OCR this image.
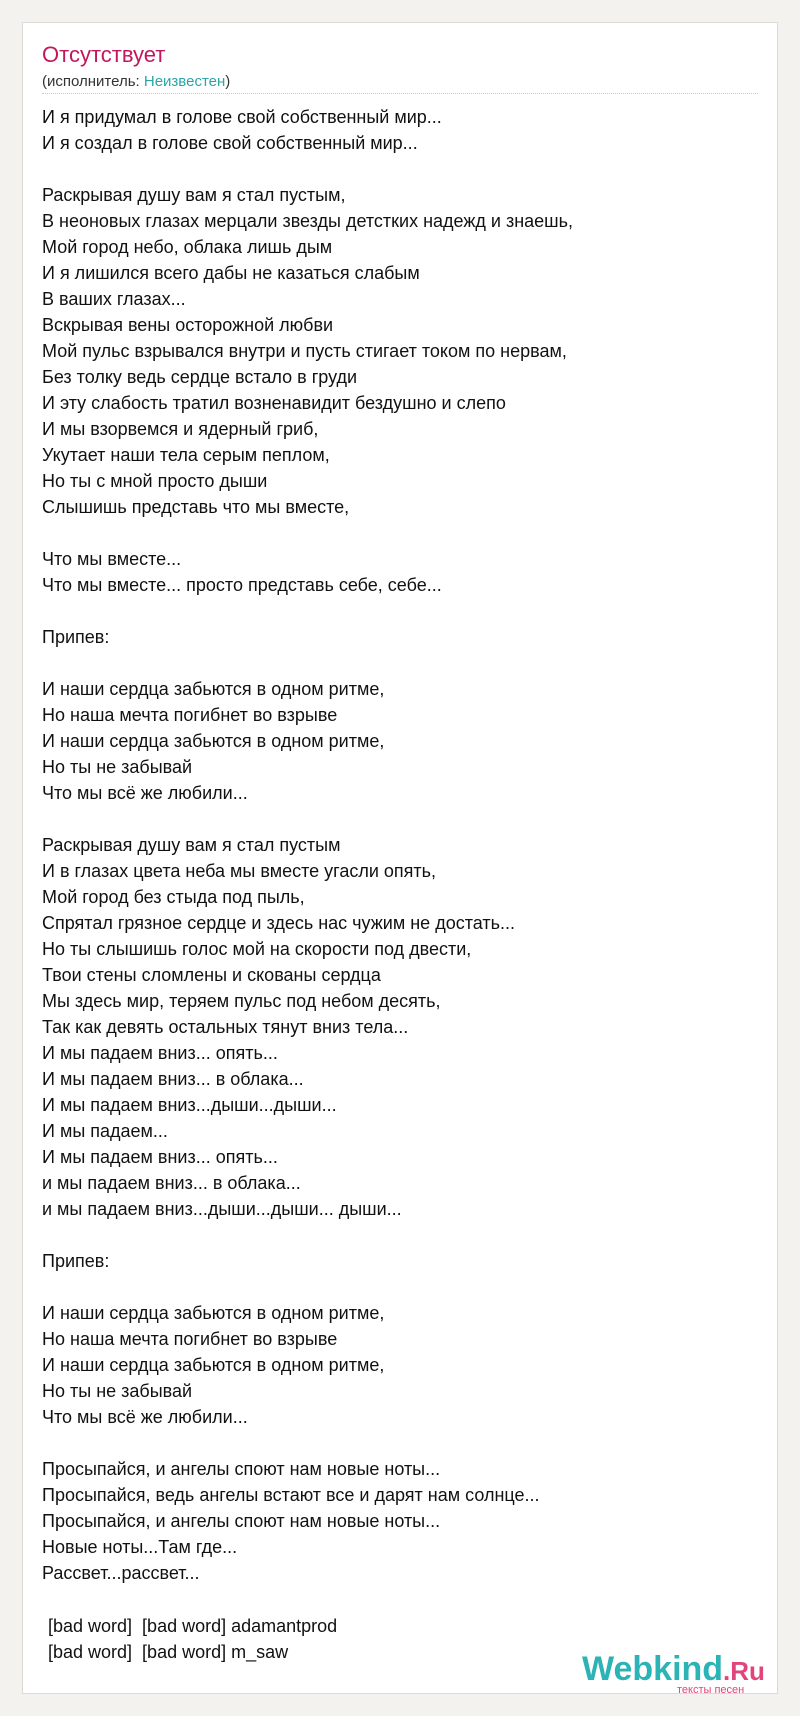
Отсутствует
(исполнитель: Неизвестен)
И я придумал в голове свой собственный мир...
И я создал в голове свой собственный мир...
Раскрывая душу вам я стал пустым,
В неоновых глазах мерцали звезды детстких надежд и знаешь,
Мой город небо, облака лишь дым
И я лишился всего дабы не казаться слабым
В ваших глазах...
Вскрывая вены осторожной любви
Мой пульс взрывался внутри и пусть стигает током по нервам,
Без толку ведь сердце встало в груди
И эту слабость тратил возненавидит бездушно и слепо
И мы взорвемся и ядерный гриб,
Укутает наши тела серым пеплом,
Но ты с мной просто дыши
Слышишь представь что мы вместе,
Что мы вместе...
Что мы вместе... просто представь себе, себе...
Припев:
И наши сердца забьются в одном ритме,
Но наша мечта погибнет во взрыве
И наши сердца забьются в одном ритме,
Но ты не забывай
Что мы всё же любили...
Раскрывая душу вам я стал пустым
И в глазах цвета неба мы вместе угасли опять,
Мой город без стыда под пыль,
Спрятал грязное сердце и здесь нас чужим не достать...
Но ты слышишь голос мой на скорости под двести,
Твои стены сломлены и скованы сердца
Мы здесь мир, теряем пульс под небом десять,
Так как девять остальных тянут вниз тела...
И мы падаем вниз... опять...
И мы падаем вниз... в облака...
И мы падаем вниз...дыши...дыши...
И мы падаем...
И мы падаем вниз... опять...
и мы падаем вниз... в облака...
и мы падаем вниз...дыши...дыши... дыши...
Припев:
И наши сердца забьются в одном ритме,
Но наша мечта погибнет во взрыве
И наши сердца забьются в одном ритме,
Но ты не забывай
Что мы всё же любили...
Просыпайся, и ангелы споют нам новые ноты...
Просыпайся, ведь ангелы встают все и дарят нам солнце...
Просыпайся, и ангелы споют нам новые ноты...
Новые ноты...Там где...
Рассвет...рассвет...
[bad word]  [bad word] adamantprod
[bad word]  [bad word] m_saw	Webkind.Ru
тексты песен
